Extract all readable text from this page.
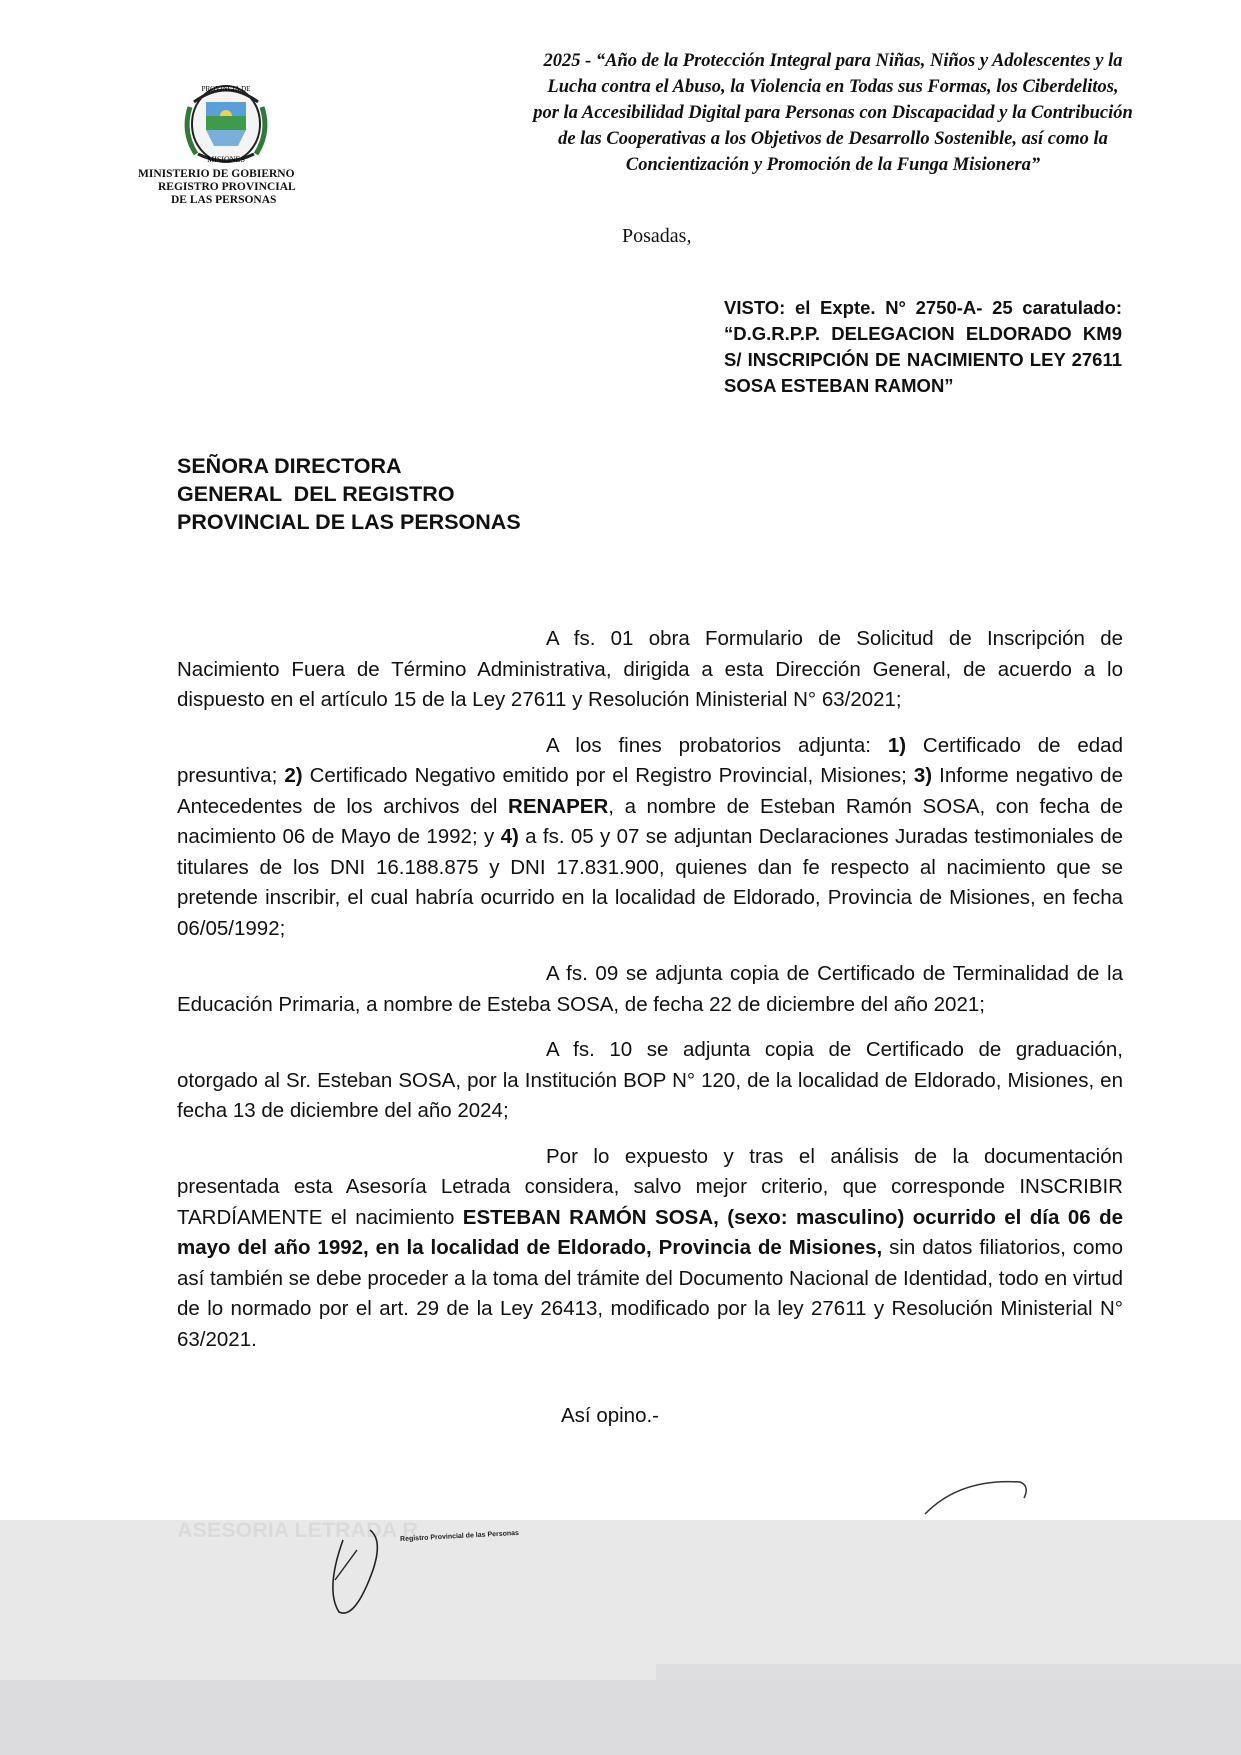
PROVINCIA DE
MISIONES
MINISTERIO DE GOBIERNO
REGISTRO PROVINCIAL
DE LAS PERSONAS
2025 - “Año de la Protección Integral para Niñas, Niños y Adolescentes y la
Lucha contra el Abuso, la Violencia en Todas sus Formas, los Ciberdelitos,
por la Accesibilidad Digital para Personas con Discapacidad y la Contribución
de las Cooperativas a los Objetivos de Desarrollo Sostenible, así como la
Concientización y Promoción de la Funga Misionera”
Posadas,
VISTO: el Expte. N° 2750-A- 25 caratulado: “D.G.R.P.P. DELEGACION ELDORADO KM9 S/ INSCRIPCIÓN DE NACIMIENTO LEY 27611 SOSA ESTEBAN RAMON”
SEÑORA DIRECTORA
GENERAL  DEL REGISTRO
PROVINCIAL DE LAS PERSONAS

A fs. 01 obra Formulario de Solicitud de Inscripción de Nacimiento Fuera de Término Administrativa, dirigida a esta Dirección General, de acuerdo a lo dispuesto en el artículo 15 de la Ley 27611 y Resolución Ministerial N° 63/2021;

A los fines probatorios adjunta: 1) Certificado de edad presuntiva; 2) Certificado Negativo emitido por el Registro Provincial, Misiones; 3) Informe negativo de Antecedentes de los archivos del RENAPER, a nombre de Esteban Ramón SOSA, con fecha de nacimiento 06 de Mayo de 1992; y 4) a fs. 05 y 07 se adjuntan Declaraciones Juradas testimoniales de titulares de los DNI 16.188.875 y DNI 17.831.900, quienes dan fe respecto al nacimiento que se pretende inscribir, el cual habría ocurrido en la localidad de Eldorado, Provincia de Misiones, en fecha 06/05/1992;

A fs. 09 se adjunta copia de Certificado de Terminalidad de la Educación Primaria, a nombre de Esteba SOSA, de fecha 22 de diciembre del año 2021;

A fs. 10 se adjunta copia de Certificado de graduación, otorgado al Sr. Esteban SOSA, por la Institución BOP N° 120, de la localidad de Eldorado, Misiones, en fecha 13 de diciembre del año 2024;

Por lo expuesto y tras el análisis de la documentación presentada esta Asesoría Letrada considera, salvo mejor criterio, que corresponde INSCRIBIR TARDÍAMENTE el nacimiento ESTEBAN RAMÓN SOSA, (sexo: masculino) ocurrido el día 06 de mayo del año 1992, en la localidad de Eldorado, Provincia de Misiones, sin datos filiatorios, como así también se debe proceder a la toma del trámite del Documento Nacional de Identidad, todo en virtud de lo normado por el art. 29 de la Ley 26413, modificado por la ley 27611 y Resolución Ministerial N° 63/2021.

Así opino.-
Registro Provincial de las Personas
